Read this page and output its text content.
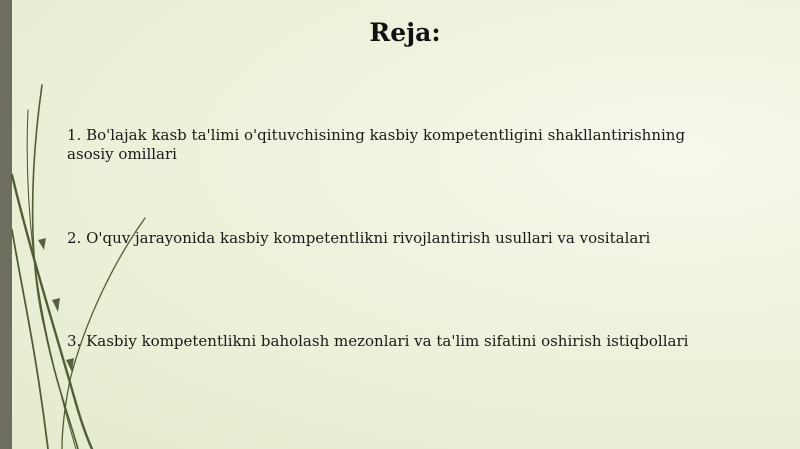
Reja:
1. Bo'lajak kasb ta'limi o'qituvchisining kasbiy kompetentligini shakllantirishning asosiy omillari
2. O'quv jarayonida kasbiy kompetentlikni rivojlantirish usullari va vositalari
3. Kasbiy kompetentlikni baholash mezonlari va ta'lim sifatini oshirish istiqbollari
